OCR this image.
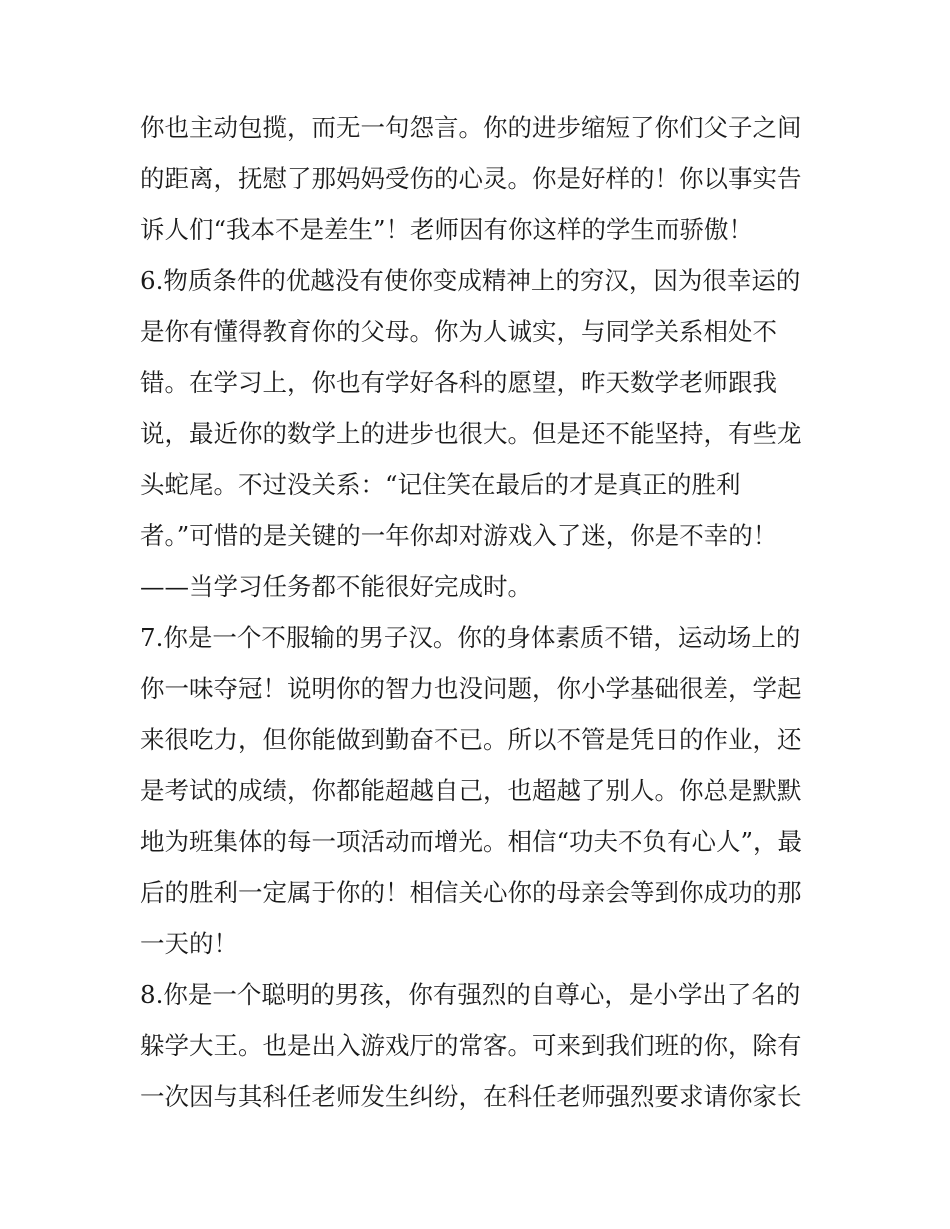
你也主动包揽，而无一句怨言。你的进步缩短了你们父子之间
的距离，抚慰了那妈妈受伤的心灵。你是好样的！你以事实告
诉人们“我本不是差生”！老师因有你这样的学生而骄傲！
6.物质条件的优越没有使你变成精神上的穷汉，因为很幸运的
是你有懂得教育你的父母。你为人诚实，与同学关系相处不
错。在学习上，你也有学好各科的愿望，昨天数学老师跟我
说，最近你的数学上的进步也很大。但是还不能坚持，有些龙
头蛇尾。不过没关系：“记住笑在最后的才是真正的胜利
者。”可惜的是关键的一年你却对游戏入了迷，你是不幸的！
——当学习任务都不能很好完成时。
7.你是一个不服输的男子汉。你的身体素质不错，运动场上的
你一味夺冠！说明你的智力也没问题，你小学基础很差，学起
来很吃力，但你能做到勤奋不已。所以不管是凭日的作业，还
是考试的成绩，你都能超越自己，也超越了别人。你总是默默
地为班集体的每一项活动而增光。相信“功夫不负有心人”，最
后的胜利一定属于你的！相信关心你的母亲会等到你成功的那
一天的！
8.你是一个聪明的男孩，你有强烈的自尊心，是小学出了名的
躲学大王。也是出入游戏厅的常客。可来到我们班的你，除有
一次因与其科任老师发生纠纷，在科任老师强烈要求请你家长
